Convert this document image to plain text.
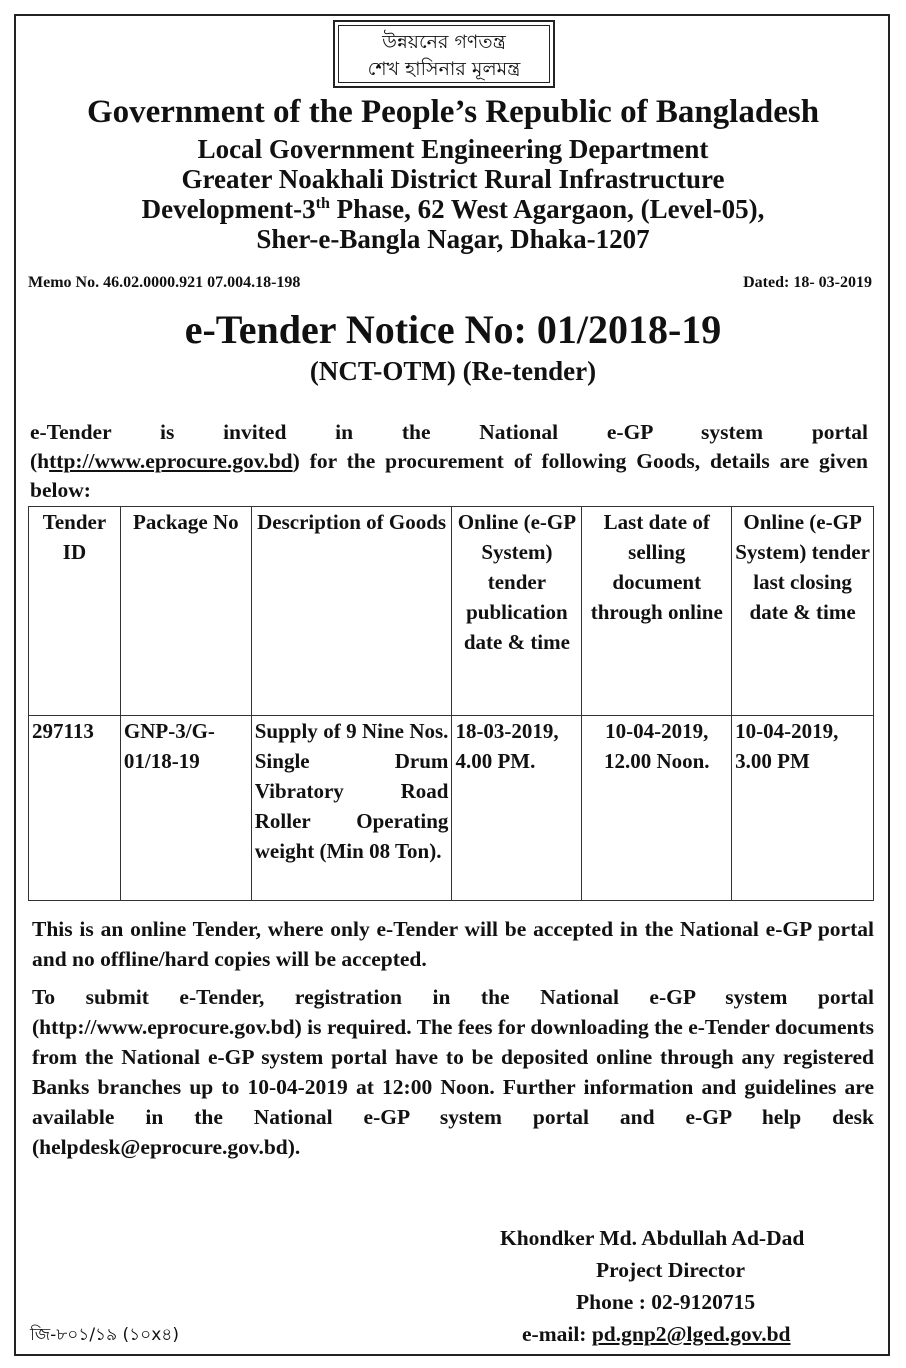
উন্নয়নের গণতন্ত্র
শেখ হাসিনার মূলমন্ত্র
Government of the People’s Republic of Bangladesh
Local Government Engineering Department
Greater Noakhali District Rural Infrastructure
Development-3th Phase, 62 West Agargaon, (Level-05),
Sher-e-Bangla Nagar, Dhaka-1207
Memo No. 46.02.0000.921 07.004.18-198	Dated: 18- 03-2019
e-Tender Notice No: 01/2018-19
(NCT-OTM) (Re-tender)
e-Tender is invited in the National e-GP system portal
(http://www.eprocure.gov.bd) for the procurement of following Goods, details are given below:
Tender ID	Package No	Description of Goods	Online (e-GP System) tender publication date & time	Last date of selling document through online	Online (e-GP System) tender last closing date & time
297113	GNP-3/G-01/18-19	Supply of 9 Nine Nos. Single Drum Vibratory Road Roller Operating weight (Min 08 Ton).	18-03-2019, 4.00 PM.	10-04-2019, 12.00 Noon.	10-04-2019, 3.00 PM
This is an online Tender, where only e-Tender will be accepted in the National e-GP portal and no offline/hard copies will be accepted.
To submit e-Tender, registration in the National e-GP system portal (http://www.eprocure.gov.bd) is required. The fees for downloading the e-Tender documents from the National e-GP system portal have to be deposited online through any registered Banks branches up to 10-04-2019 at 12:00 Noon. Further information and guidelines are available in the National e-GP system portal and e-GP help desk (helpdesk@eprocure.gov.bd).
Khondker Md. Abdullah Ad-Dad
Project Director
Phone : 02-9120715
e-mail: pd.gnp2@lged.gov.bd
জি-৮০১/১৯ (১০x৪)
